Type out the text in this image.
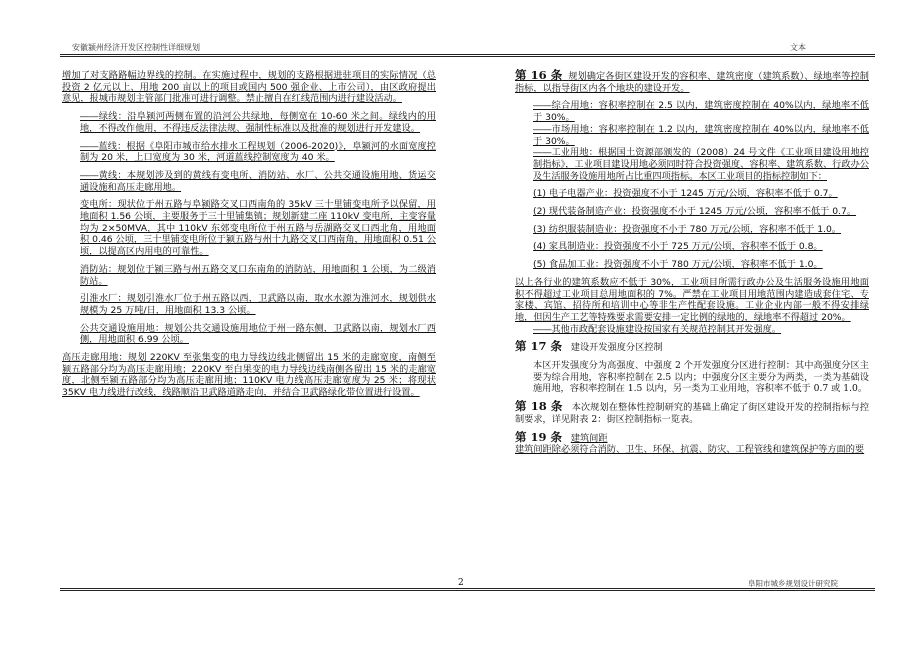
安徽颍州经济开发区控制性详细规划	文本

增加了对支路路幅边界线的控制。在实施过程中，规划的支路根据进驻项目的实际情况（总投资 2 亿元以上、用地 200 亩以上的项目或国内 500 强企业、上市公司），由区政府提出意见，报城市规划主管部门批准可进行调整。禁止擅自在红线范围内进行建设活动。

――绿线：沿阜颍河两侧布置的沿河公共绿地，每侧宽在 10-60 米之间。绿线内的用地，不得改作他用，不得违反法律法规、强制性标准以及批准的规划进行开发建设。

――蓝线：根据《阜阳市城市给水排水工程规划（2006-2020)》，阜颍河的水面宽度控制为 20 米，上口宽度为 30 米，河道蓝线控制宽度为 40 米。

――黄线：本规划涉及到的黄线有变电所、消防站、水厂、公共交通设施用地、货运交通设施和高压走廊用地。

变电所：现状位于州五路与阜颍路交叉口西南角的 35kV 三十里铺变电所予以保留，用地面积 1.56 公顷，主要服务于三十里铺集镇；规划新建二座 110kV 变电所，主变容量均为 2×50MVA，其中 110kV 东郊变电所位于州五路与岳湖路交叉口西北角，用地面积 0.46 公顷，三十里铺变电所位于颍五路与州十九路交叉口西南角，用地面积 0.51 公顷，以提高区内用电的可靠性。

消防站：规划位于颍三路与州五路交叉口东南角的消防站，用地面积 1 公顷，为二级消防站。

引淮水厂：规划引淮水厂位于州五路以西，卫武路以南，取水水源为淮河水，规划供水规模为 25 万吨/日，用地面积 13.3 公顷。

公共交通设施用地：规划公共交通设施用地位于州一路东侧，卫武路以南，规划水厂西侧，用地面积 6.99 公顷。

高压走廊用地：规划 220KV 至张集变的电力导线边线北侧留出 15 米的走廊宽度，南侧至颍五路部分均为高压走廊用地；220KV 至白果变的电力导线边线南侧各留出 15 米的走廊宽度，北侧至颍五路部分均为高压走廊用地；110KV 电力线高压走廊宽度为 25 米；将现状 35KV 电力线进行改线，线路顺沿卫武路道路走向，并结合卫武路绿化带位置进行设置。

第 16 条 规划确定各街区建设开发的容积率、建筑密度（建筑系数）、绿地率等控制指标，以指导街区内各个地块的建设开发。

――综合用地：容积率控制在 2.5 以内，建筑密度控制在 40%以内，绿地率不低于 30%。

――市场用地：容积率控制在 1.2 以内，建筑密度控制在 40%以内，绿地率不低于 30%。

――工业用地：根据国土资源部颁发的（2008）24 号文件《工业项目建设用地控制指标》，工业项目建设用地必须同时符合投资强度、容积率、建筑系数、行政办公及生活服务设施用地所占比重四项指标。本区工业项目的指标控制如下：

(1) 电子电器产业：投资强度不小于 1245 万元/公顷，容积率不低于 0.7。

(2) 现代装备制造产业：投资强度不小于 1245 万元/公顷，容积率不低于 0.7。

(3) 纺织服装制造业：投资强度不小于 780 万元/公顷，容积率不低于 1.0。

(4) 家具制造业：投资强度不小于 725 万元/公顷，容积率不低于 0.8。

(5) 食品加工业：投资强度不小于 780 万元/公顷，容积率不低于 1.0。

以上各行业的建筑系数应不低于 30%，工业项目所需行政办公及生活服务设施用地面积不得超过工业项目总用地面积的 7%。严禁在工业项目用地范围内建造成套住宅、专家楼、宾馆、招待所和培训中心等非生产性配套设施。工业企业内部一般不得安排绿地，但因生产工艺等特殊要求需要安排一定比例的绿地的，绿地率不得超过 20%。

――其他市政配套设施建设按国家有关规范控制其开发强度。

第 17 条 建设开发强度分区控制

本区开发强度分为高强度、中强度 2 个开发强度分区进行控制：其中高强度分区主要为综合用地，容积率控制在 2.5 以内；中强度分区主要分为两类，一类为基础设施用地，容积率控制在 1.5 以内，另一类为工业用地，容积率不低于 0.7 或 1.0。

第 18 条 本次规划在整体性控制研究的基础上确定了街区建设开发的控制指标与控制要求，详见附表 2：街区控制指标一览表。

第 19 条 建筑间距

建筑间距除必须符合消防、卫生、环保、抗震、防灾、工程管线和建筑保护等方面的要

2	阜阳市城乡规划设计研究院
